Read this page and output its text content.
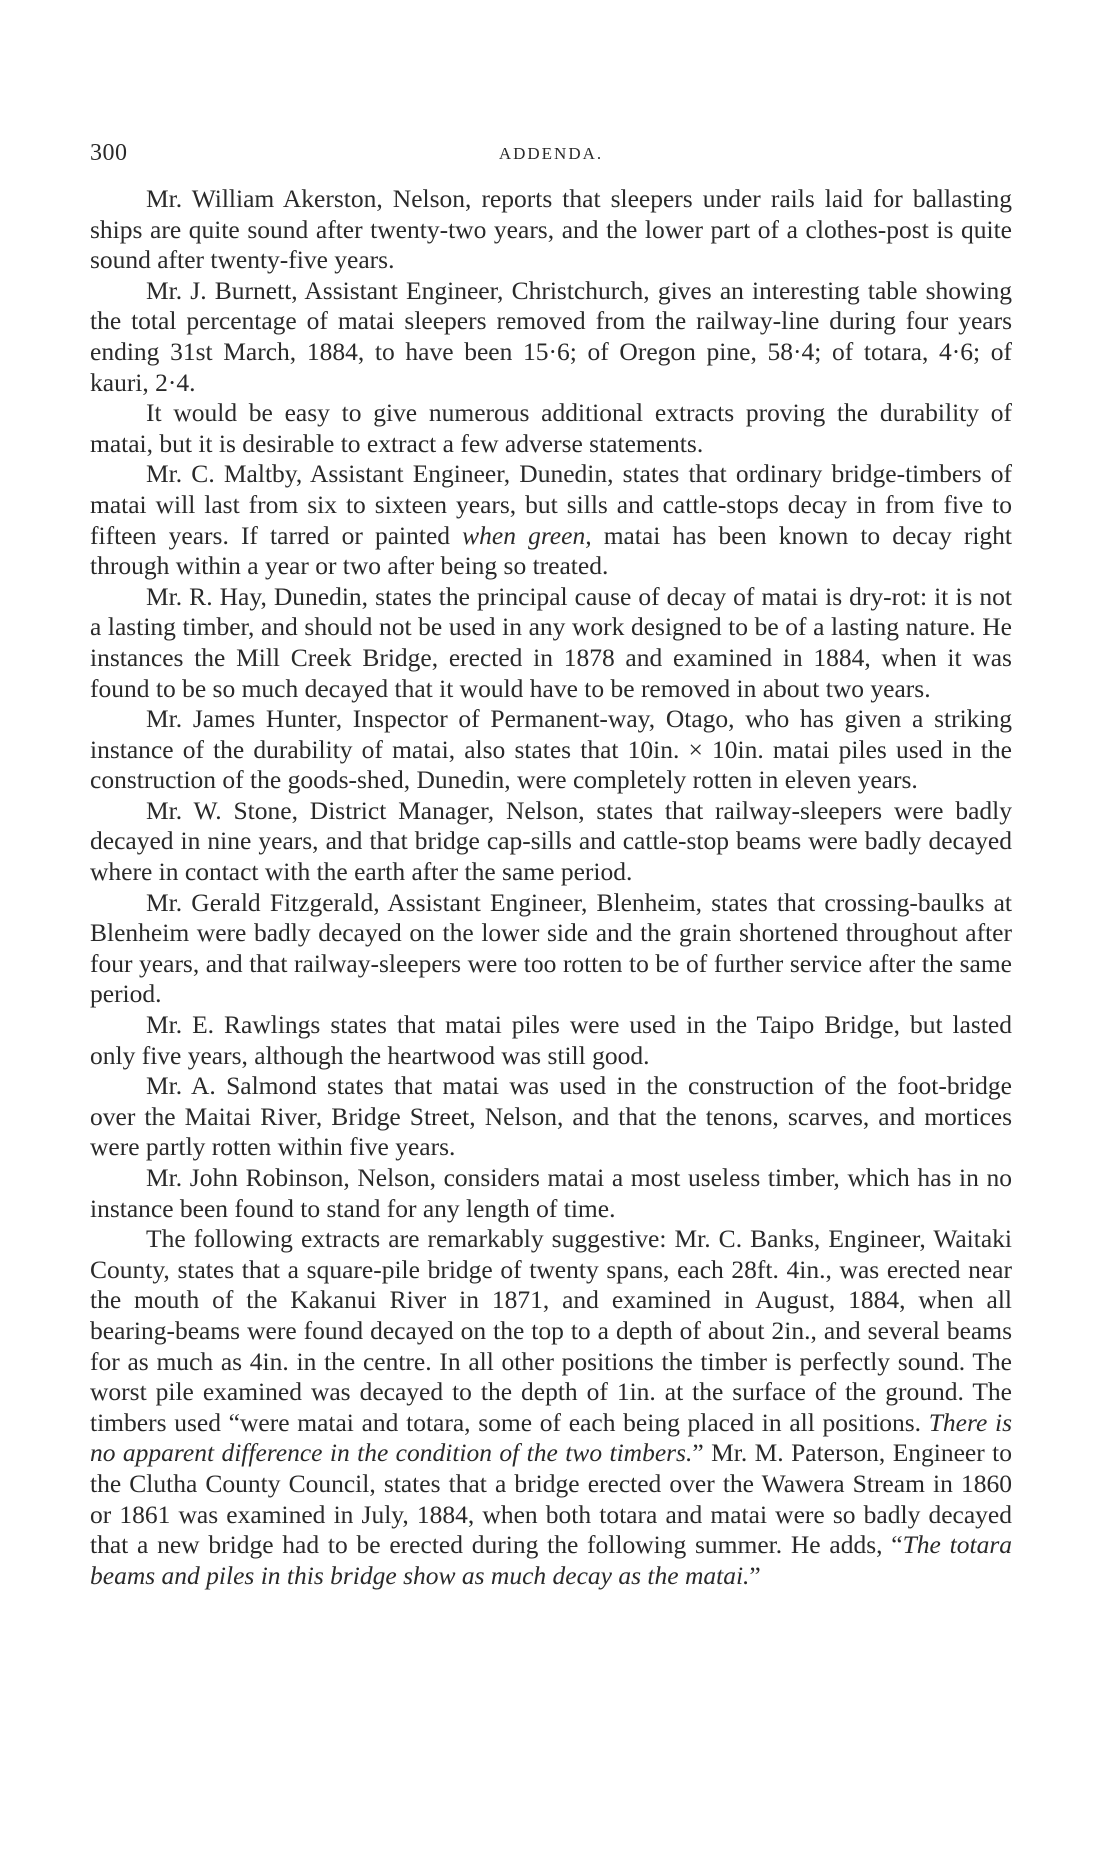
300	ADDENDA.

Mr. William Akerston, Nelson, reports that sleepers under rails laid for ballasting ships are quite sound after twenty-two years, and the lower part of a clothes-post is quite sound after twenty-five years.

Mr. J. Burnett, Assistant Engineer, Christchurch, gives an interesting table showing the total percentage of matai sleepers removed from the railway-line during four years ending 31st March, 1884, to have been 15·6; of Oregon pine, 58·4; of totara, 4·6; of kauri, 2·4.

It would be easy to give numerous additional extracts proving the durability of matai, but it is desirable to extract a few adverse statements.

Mr. C. Maltby, Assistant Engineer, Dunedin, states that ordinary bridge-timbers of matai will last from six to sixteen years, but sills and cattle-stops decay in from five to fifteen years. If tarred or painted when green, matai has been known to decay right through within a year or two after being so treated.

Mr. R. Hay, Dunedin, states the principal cause of decay of matai is dry-rot: it is not a lasting timber, and should not be used in any work designed to be of a lasting nature. He instances the Mill Creek Bridge, erected in 1878 and examined in 1884, when it was found to be so much decayed that it would have to be removed in about two years.

Mr. James Hunter, Inspector of Permanent-way, Otago, who has given a striking instance of the durability of matai, also states that 10in. × 10in. matai piles used in the construction of the goods-shed, Dunedin, were completely rotten in eleven years.

Mr. W. Stone, District Manager, Nelson, states that railway-sleepers were badly decayed in nine years, and that bridge cap-sills and cattle-stop beams were badly decayed where in contact with the earth after the same period.

Mr. Gerald Fitzgerald, Assistant Engineer, Blenheim, states that crossing-baulks at Blenheim were badly decayed on the lower side and the grain shortened throughout after four years, and that railway-sleepers were too rotten to be of further service after the same period.

Mr. E. Rawlings states that matai piles were used in the Taipo Bridge, but lasted only five years, although the heartwood was still good.

Mr. A. Salmond states that matai was used in the construction of the foot-bridge over the Maitai River, Bridge Street, Nelson, and that the tenons, scarves, and mortices were partly rotten within five years.

Mr. John Robinson, Nelson, considers matai a most useless timber, which has in no instance been found to stand for any length of time.

The following extracts are remarkably suggestive: Mr. C. Banks, Engineer, Waitaki County, states that a square-pile bridge of twenty spans, each 28ft. 4in., was erected near the mouth of the Kakanui River in 1871, and examined in August, 1884, when all bearing-beams were found decayed on the top to a depth of about 2in., and several beams for as much as 4in. in the centre. In all other positions the timber is perfectly sound. The worst pile examined was decayed to the depth of 1in. at the surface of the ground. The timbers used “were matai and totara, some of each being placed in all positions. There is no apparent difference in the condition of the two timbers.” Mr. M. Paterson, Engineer to the Clutha County Council, states that a bridge erected over the Wawera Stream in 1860 or 1861 was examined in July, 1884, when both totara and matai were so badly decayed that a new bridge had to be erected during the following summer. He adds, “The totara beams and piles in this bridge show as much decay as the matai.”
